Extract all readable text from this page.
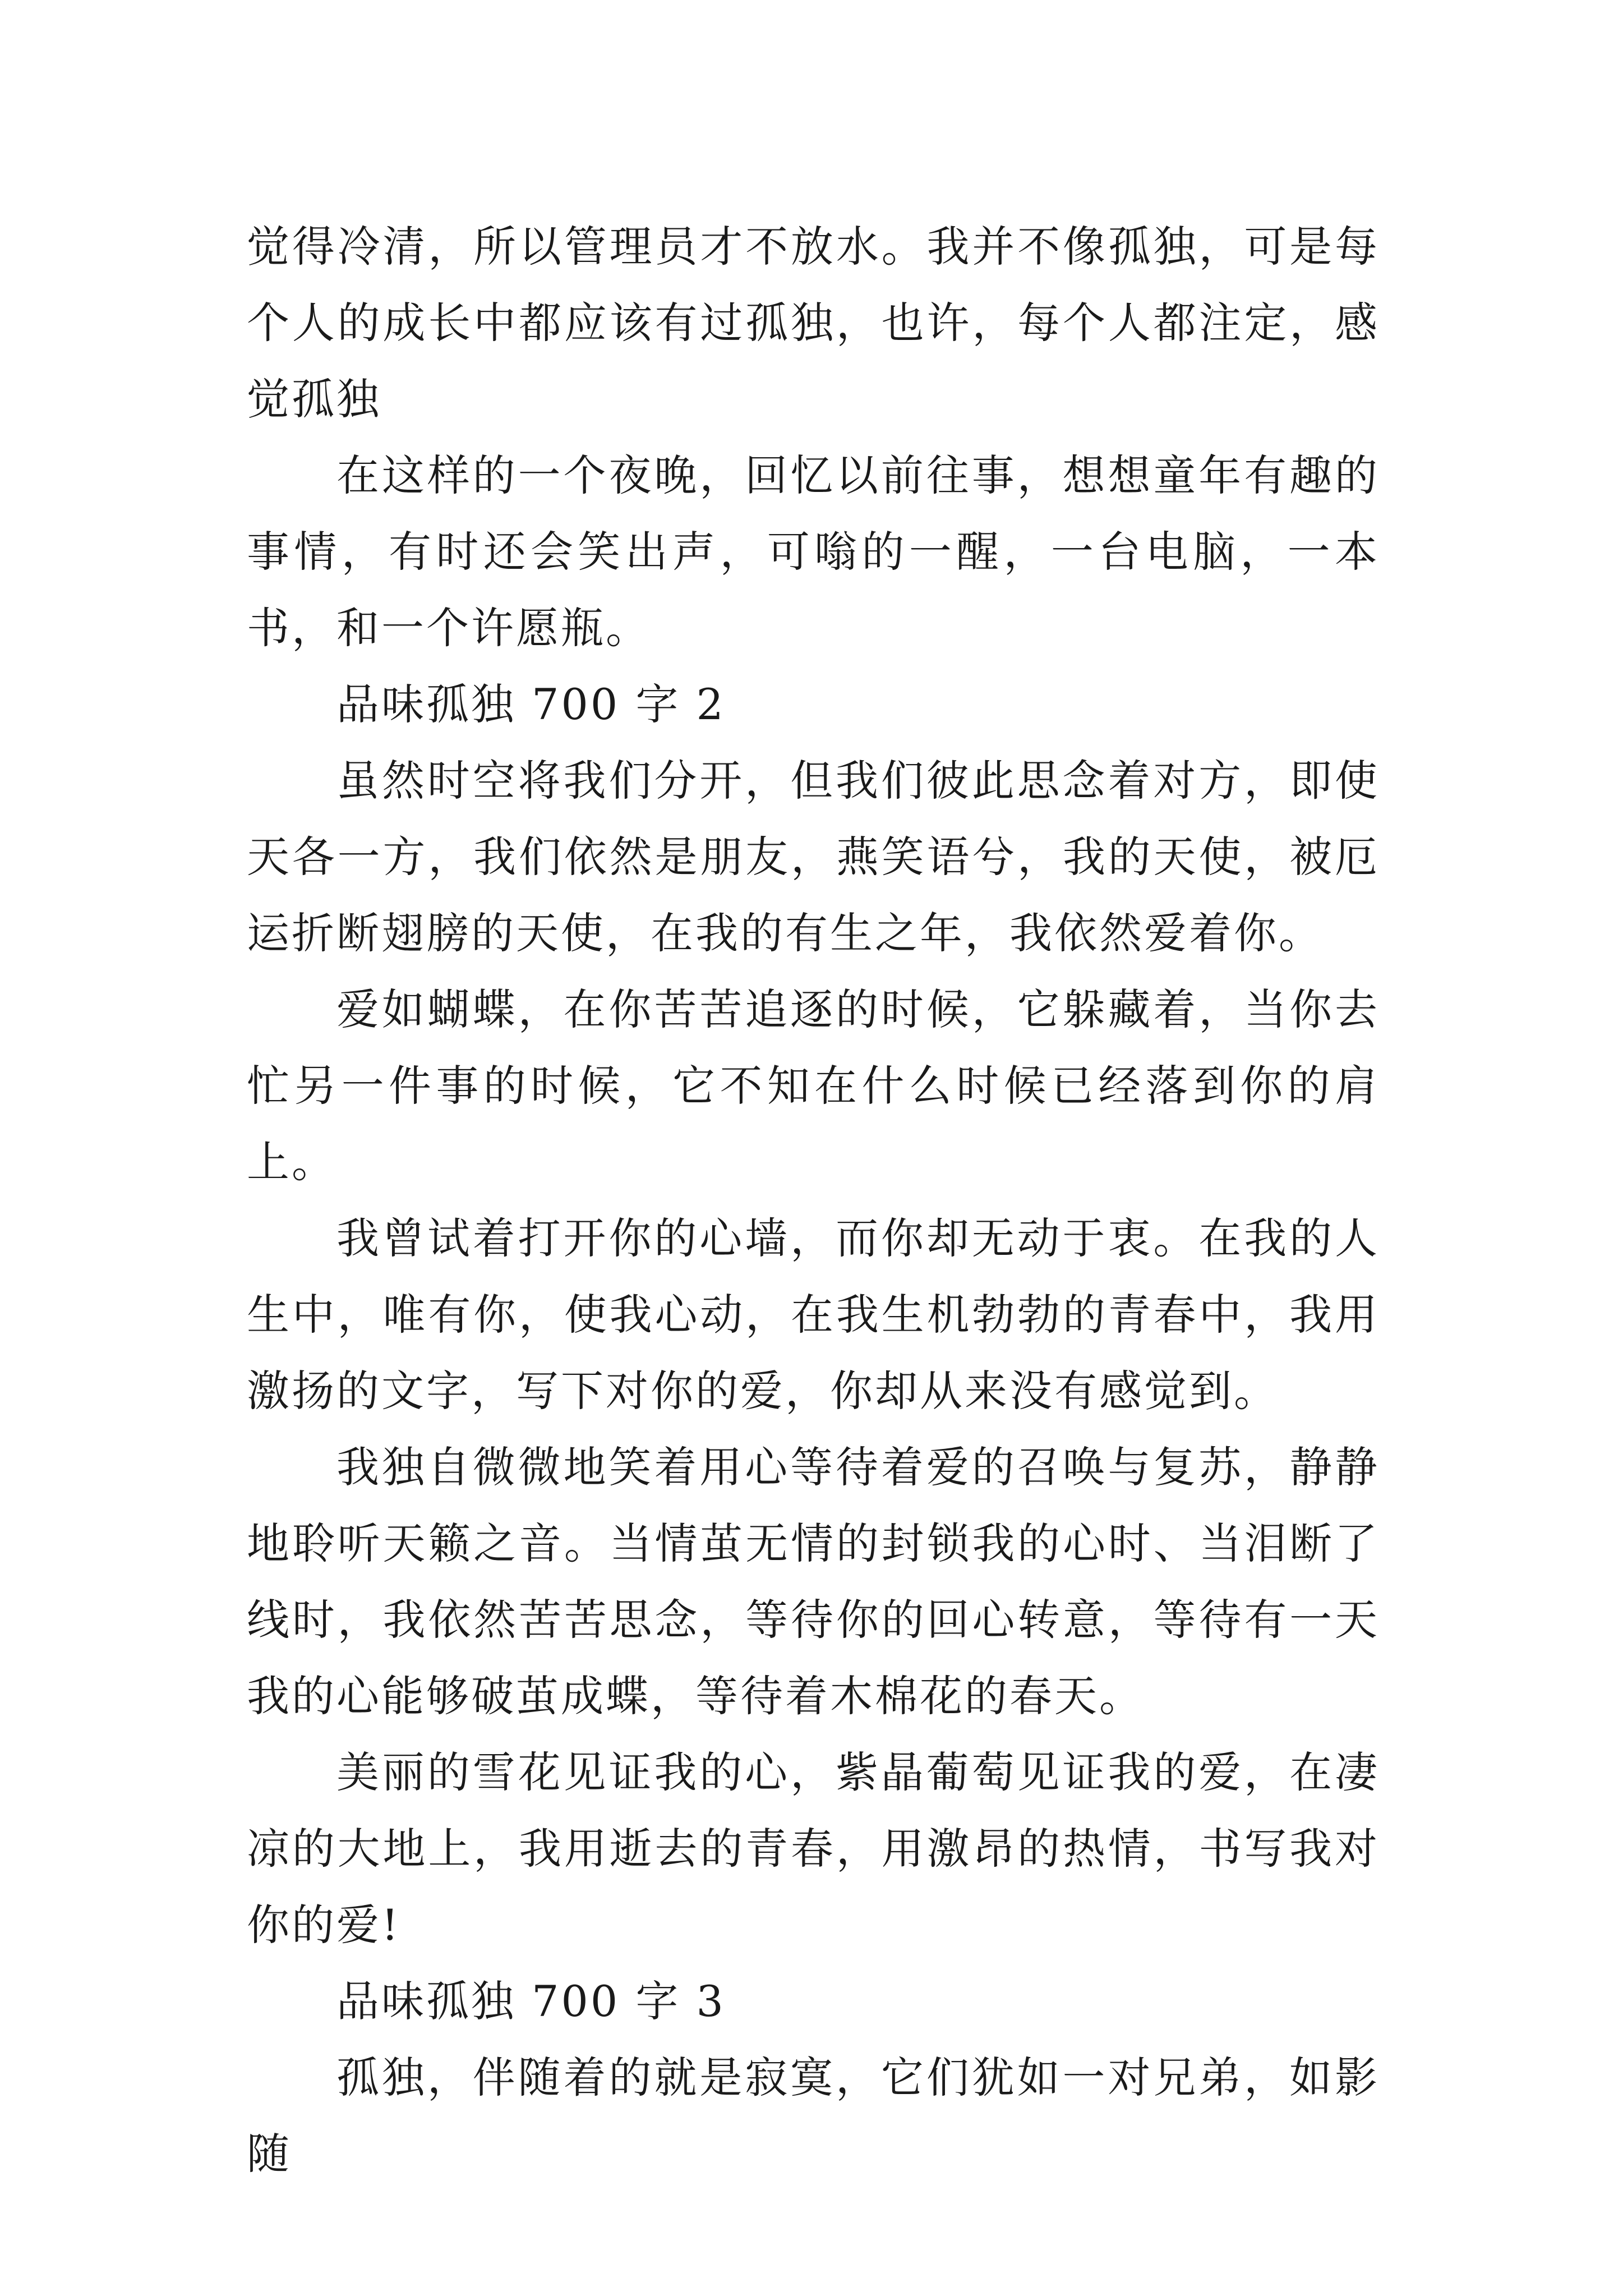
觉得冷清，所以管理员才不放水。我并不像孤独，可是每个人的成长中都应该有过孤独，也许，每个人都注定，感觉孤独

在这样的一个夜晚，回忆以前往事，想想童年有趣的事情，有时还会笑出声，可嗡的一醒，一台电脑，一本书，和一个许愿瓶。

品味孤独 700 字 2

虽然时空将我们分开，但我们彼此思念着对方，即使天各一方，我们依然是朋友，燕笑语兮，我的天使，被厄运折断翅膀的天使，在我的有生之年，我依然爱着你。

爱如蝴蝶，在你苦苦追逐的时候，它躲藏着，当你去忙另一件事的时候，它不知在什么时候已经落到你的肩上。

我曾试着打开你的心墙，而你却无动于衷。在我的人生中，唯有你，使我心动，在我生机勃勃的青春中，我用激扬的文字，写下对你的爱，你却从来没有感觉到。

我独自微微地笑着用心等待着爱的召唤与复苏，静静地聆听天籁之音。当情茧无情的封锁我的心时、当泪断了线时，我依然苦苦思念，等待你的回心转意，等待有一天我的心能够破茧成蝶，等待着木棉花的春天。

美丽的雪花见证我的心，紫晶葡萄见证我的爱，在凄凉的大地上，我用逝去的青春，用激昂的热情，书写我对你的爱!

品味孤独 700 字 3

孤独，伴随着的就是寂寞，它们犹如一对兄弟，如影随
